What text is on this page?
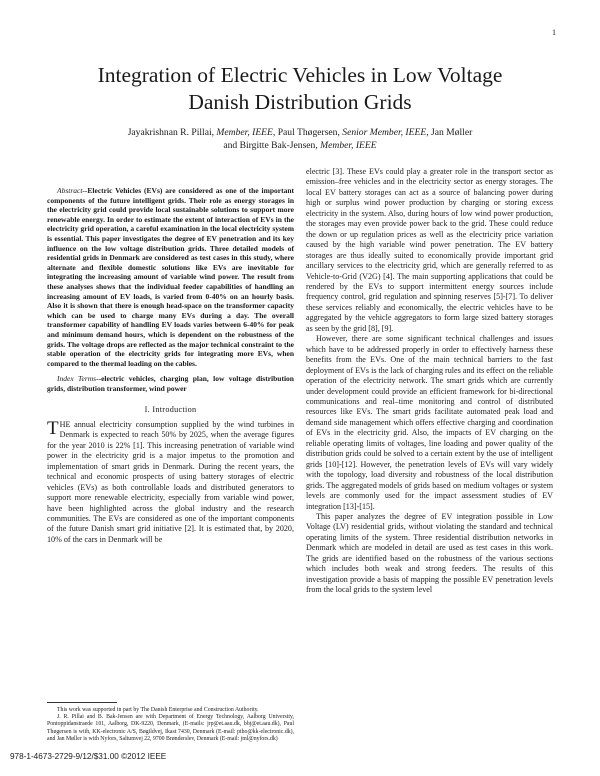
1
Integration of Electric Vehicles in Low Voltage
Danish Distribution Grids
Jayakrishnan R. Pillai, Member, IEEE, Paul Thøgersen, Senior Member, IEEE, Jan Møller
and Birgitte Bak-Jensen, Member, IEEE

Abstract--Electric Vehicles (EVs) are considered as one of the important components of the future intelligent grids. Their role as energy storages in the electricity grid could provide local sustainable solutions to support more renewable energy. In order to estimate the extent of interaction of EVs in the electricity grid operation, a careful examination in the local electricity system is essential. This paper investigates the degree of EV penetration and its key influence on the low voltage distribution grids. Three detailed models of residential grids in Denmark are considered as test cases in this study, where alternate and flexible domestic solutions like EVs are inevitable for integrating the increasing amount of variable wind power. The result from these analyses shows that the individual feeder capabilities of handling an increasing amount of EV loads, is varied from 0-40% on an hourly basis. Also it is shown that there is enough head-space on the transformer capacity which can be used to charge many EVs during a day. The overall transformer capability of handling EV loads varies between 6-40% for peak and minimum demand hours, which is dependent on the robustness of the grids. The voltage drops are reflected as the major technical constraint to the stable operation of the electricity grids for integrating more EVs, when compared to the thermal loading on the cables.

Index Terms--electric vehicles, charging plan, low voltage distribution grids, distribution transformer, wind power

I. Introduction

THE annual electricity consumption supplied by the wind turbines in Denmark is expected to reach 50% by 2025, when the average figures for the year 2010 is 22% [1]. This increasing penetration of variable wind power in the electricity grid is a major impetus to the promotion and implementation of smart grids in Denmark. During the recent years, the technical and economic prospects of using battery storages of electric vehicles (EVs) as both controllable loads and distributed generators to support more renewable electricity, especially from variable wind power, have been highlighted across the global industry and the research communities. The EVs are considered as one of the important components of the future Danish smart grid initiative [2]. It is estimated that, by 2020, 10% of the cars in Denmark will be

This work was supported in part by The Danish Enterprise and Construction Authority.

J. R. Pillai and B. Bak-Jensen are with Department of Energy Technology, Aalborg University, Pontoppidanstraede 101, Aalborg, DK-9220, Denmark, (E-mails: jrp@et.aau.dk, bbj@et.aau.dk), Paul Thøgersen is with, KK-electronic A/S, Bøgildvej, Ikast 7430, Denmark (E-mail: ptho@kk-electronic.dk), and Jan Møller is with Nyfors, Saltumvej 22, 9700 Brønderslev, Denmark (E-mail: jml@nyfors.dk)

electric [3]. These EVs could play a greater role in the transport sector as emission–free vehicles and in the electricity sector as energy storages. The local EV battery storages can act as a source of balancing power during high or surplus wind power production by charging or storing excess electricity in the system. Also, during hours of low wind power production, the storages may even provide power back to the grid. These could reduce the down or up regulation prices as well as the electricity price variation caused by the high variable wind power penetration. The EV battery storages are thus ideally suited to economically provide important grid ancillary services to the electricity grid, which are generally referred to as Vehicle-to-Grid (V2G) [4]. The main supporting applications that could be rendered by the EVs to support intermittent energy sources include frequency control, grid regulation and spinning reserves [5]-[7]. To deliver these services reliably and economically, the electric vehicles have to be aggregated by the vehicle aggregators to form large sized battery storages as seen by the grid [8], [9].

However, there are some significant technical challenges and issues which have to be addressed properly in order to effectively harness these benefits from the EVs. One of the main technical barriers to the fast deployment of EVs is the lack of charging rules and its effect on the reliable operation of the electricity network. The smart grids which are currently under development could provide an efficient framework for bi-directional communications and real–time monitoring and control of distributed resources like EVs. The smart grids facilitate automated peak load and demand side management which offers effective charging and coordination of EVs in the electricity grid. Also, the impacts of EV charging on the reliable operating limits of voltages, line loading and power quality of the distribution grids could be solved to a certain extent by the use of intelligent grids [10]-[12]. However, the penetration levels of EVs will vary widely with the topology, load diversity and robustness of the local distribution grids. The aggregated models of grids based on medium voltages or system levels are commonly used for the impact assessment studies of EV integration [13]-[15].

This paper analyzes the degree of EV integration possible in Low Voltage (LV) residential grids, without violating the standard and technical operating limits of the system. Three residential distribution networks in Denmark which are modeled in detail are used as test cases in this work. The grids are identified based on the robustness of the various sections which includes both weak and strong feeders. The results of this investigation provide a basis of mapping the possible EV penetration levels from the local grids to the system level

978-1-4673-2729-9/12/$31.00 ©2012 IEEE
